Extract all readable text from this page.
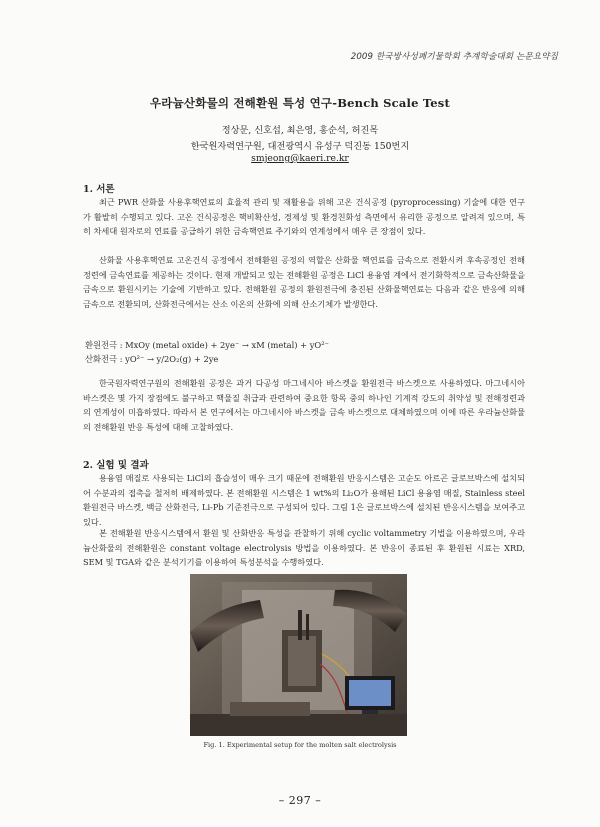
2009 한국방사성폐기물학회 추계학술대회 논문요약집
우라늄산화물의 전해환원 특성 연구-Bench Scale Test
정상문, 신호섭, 최은영, 홍순석, 허진목
한국원자력연구원, 대전광역시 유성구 덕진동 150번지
smjeong@kaeri.re.kr
1. 서론

최근 PWR 산화물 사용후핵연료의 효율적 관리 및 재활용을 위해 고온 건식공정 (pyroprocessing) 기술에 대한 연구가 활발히 수행되고 있다. 고온 건식공정은 핵비확산성, 경제성 및 환경친화성 측면에서 유리한 공정으로 알려져 있으며, 특히 차세대 원자로의 연료를 공급하기 위한 금속핵연료 주기와의 연계성에서 매우 큰 장점이 있다.

산화물 사용후핵연료 고온건식 공정에서 전해환원 공정의 역할은 산화물 핵연료를 금속으로 전환시켜 후속공정인 전해정련에 금속연료를 제공하는 것이다. 현재 개발되고 있는 전해환원 공정은 LiCl 용융염 계에서 전기화학적으로 금속산화물을 금속으로 환원시키는 기술에 기반하고 있다. 전해환원 공정의 환원전극에 충진된 산화물핵연료는 다음과 같은 반응에 의해 금속으로 전환되며, 산화전극에서는 산소 이온의 산화에 의해 산소기체가 발생한다.

환원전극 : MxOy (metal oxide) + 2ye⁻ → xM (metal) + yO²⁻
산화전극 : yO²⁻ → y/2O₂(g) + 2ye

한국원자력연구원의 전해환원 공정은 과거 다공성 마그네시아 바스켓을 환원전극 바스켓으로 사용하였다. 마그네시아 바스켓은 몇 가지 장점에도 불구하고 핵물질 취급과 관련하여 중요한 항목 중의 하나인 기계적 강도의 취약성 및 전해정련과의 연계성이 미흡하였다. 따라서 본 연구에서는 마그네시아 바스켓을 금속 바스켓으로 대체하였으며 이에 따른 우라늄산화물의 전해환원 반응 특성에 대해 고찰하였다.

2. 실험 및 결과

용융염 매질로 사용되는 LiCl의 흡습성이 매우 크기 때문에 전해환원 반응시스템은 고순도 아르곤 글로브박스에 설치되어 수분과의 접촉을 철저히 배제하였다. 본 전해환원 시스템은 1 wt%의 Li₂O가 용해된 LiCl 용융염 매질, Stainless steel 환원전극 바스켓, 백금 산화전극, Li-Pb 기준전극으로 구성되어 있다. 그림 1은 글로브박스에 설치된 반응시스템을 보여주고 있다.

본 전해환원 반응시스템에서 환원 및 산화반응 특성을 관찰하기 위해 cyclic voltammetry 기법을 이용하였으며, 우라늄산화물의 전해환원은 constant voltage electrolysis 방법을 이용하였다. 본 반응이 종료된 후 환원된 시료는 XRD, SEM 및 TGA와 같은 분석기기를 이용하여 특성분석을 수행하였다.

Fig. 1. Experimental setup for the molten salt electrolysis
– 297 –
